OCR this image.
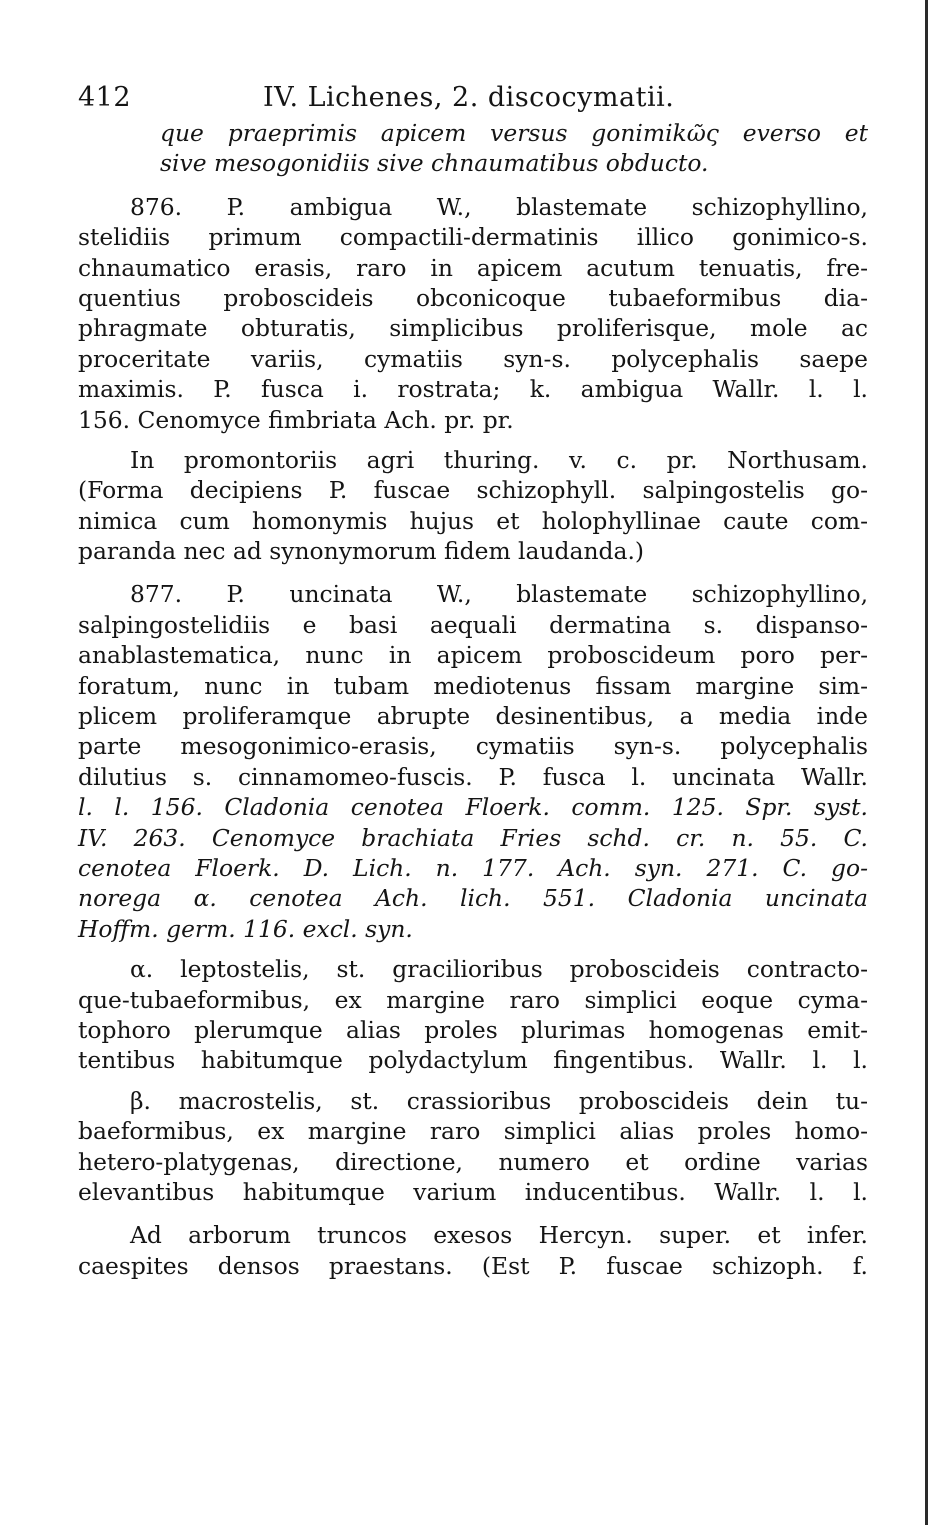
412	IV. Lichenes, 2. discocymatii.
que praeprimis apicem versus gonimikῶς everso et
sive mesogonidiis sive chnaumatibus obducto.
876. P. ambigua W., blastemate schizophyllino,
stelidiis primum compactili-dermatinis illico gonimico-s.
chnaumatico erasis, raro in apicem acutum tenuatis, fre-
quentius proboscideis obconicoque tubaeformibus dia-
phragmate obturatis, simplicibus proliferisque, mole ac
proceritate variis, cymatiis syn-s. polycephalis saepe
maximis. P. fusca i. rostrata; k. ambigua Wallr. l. l.
156. Cenomyce fimbriata Ach. pr. pr.
In promontoriis agri thuring. v. c. pr. Northusam.
(Forma decipiens P. fuscae schizophyll. salpingostelis go-
nimica cum homonymis hujus et holophyllinae caute com-
paranda nec ad synonymorum fidem laudanda.)
877. P. uncinata W., blastemate schizophyllino,
salpingostelidiis e basi aequali dermatina s. dispanso-
anablastematica, nunc in apicem proboscideum poro per-
foratum, nunc in tubam mediotenus fissam margine sim-
plicem proliferamque abrupte desinentibus, a media inde
parte mesogonimico-erasis, cymatiis syn-s. polycephalis
dilutius s. cinnamomeo-fuscis. P. fusca l. uncinata Wallr.
l. l. 156. Cladonia cenotea Floerk. comm. 125. Spr. syst.
IV. 263. Cenomyce brachiata Fries schd. cr. n. 55. C.
cenotea Floerk. D. Lich. n. 177. Ach. syn. 271. C. go-
norega α. cenotea Ach. lich. 551. Cladonia uncinata
Hoffm. germ. 116. excl. syn.
α. leptostelis, st. gracilioribus proboscideis contracto-
que-tubaeformibus, ex margine raro simplici eoque cyma-
tophoro plerumque alias proles plurimas homogenas emit-
tentibus habitumque polydactylum fingentibus. Wallr. l. l.
β. macrostelis, st. crassioribus proboscideis dein tu-
baeformibus, ex margine raro simplici alias proles homo-
hetero-platygenas, directione, numero et ordine varias
elevantibus habitumque varium inducentibus. Wallr. l. l.
Ad arborum truncos exesos Hercyn. super. et infer.
caespites densos praestans. (Est P. fuscae schizoph. f.
